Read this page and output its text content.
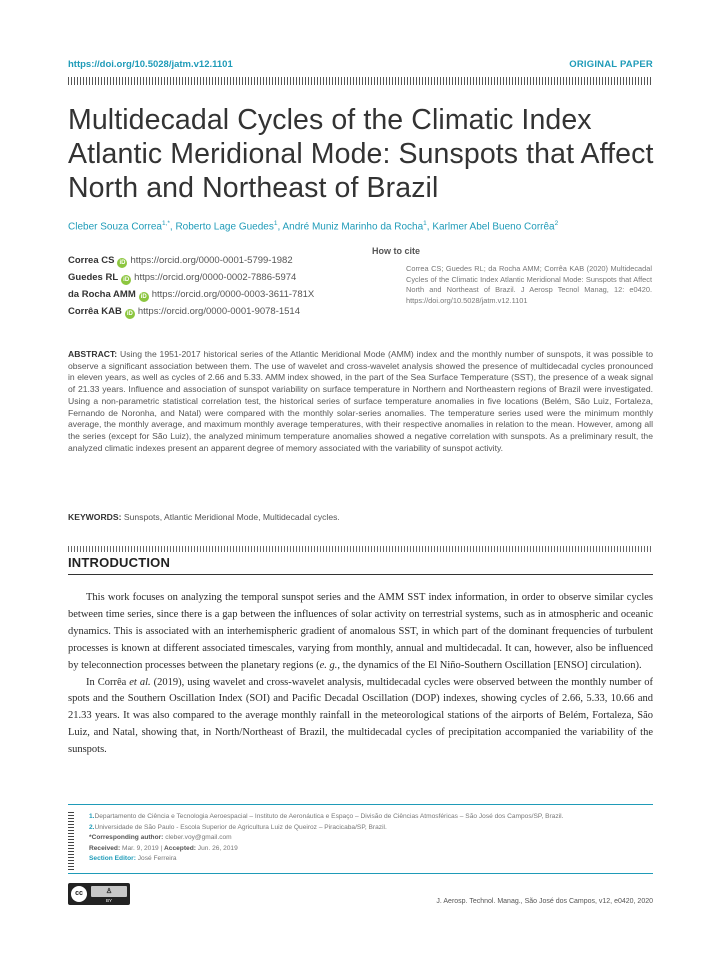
https://doi.org/10.5028/jatm.v12.1101	ORIGINAL PAPER
Multidecadal Cycles of the Climatic Index Atlantic Meridional Mode: Sunspots that Affect North and Northeast of Brazil
Cleber Souza Correa$^{1,*}$, Roberto Lage Guedes$^1$, André Muniz Marinho da Rocha$^1$, Karlmer Abel Bueno Corrêa$^2$
Correa CS iD https://orcid.org/0000-0001-5799-1982
Guedes RL iD https://orcid.org/0000-0002-7886-5974
da Rocha AMM iD https://orcid.org/0000-0003-3611-781X
Corrêa KAB iD https://orcid.org/0000-0001-9078-1514
How to cite
Correa CS; Guedes RL; da Rocha AMM; Corrêa KAB (2020) Multidecadal Cycles of the Climatic Index Atlantic Meridional Mode: Sunspots that Affect North and Northeast of Brazil. J Aerosp Tecnol Manag, 12: e0420. https://doi.org/10.5028/jatm.v12.1101
ABSTRACT: Using the 1951-2017 historical series of the Atlantic Meridional Mode (AMM) index and the monthly number of sunspots, it was possible to observe a significant association between them. The use of wavelet and cross-wavelet analysis showed the presence of multidecadal cycles pronounced in eleven years, as well as cycles of 2.66 and 5.33. AMM index showed, in the part of the Sea Surface Temperature (SST), the presence of a weak signal of 21.33 years. Influence and association of sunspot variability on surface temperature in Northern and Northeastern regions of Brazil were investigated. Using a non-parametric statistical correlation test, the historical series of surface temperature anomalies in five locations (Belém, São Luiz, Fortaleza, Fernando de Noronha, and Natal) were compared with the monthly solar-series anomalies. The temperature series used were the minimum monthly average, the monthly average, and maximum monthly average temperatures, with their respective anomalies in relation to the mean. However, among all the series (except for São Luiz), the analyzed minimum temperature anomalies showed a negative correlation with sunspots. As a preliminary result, the analyzed climatic indexes present an apparent degree of memory associated with the variability of sunspot activity.
KEYWORDS: Sunspots, Atlantic Meridional Mode, Multidecadal cycles.
INTRODUCTION

This work focuses on analyzing the temporal sunspot series and the AMM SST index information, in order to observe similar cycles between time series, since there is a gap between the influences of solar activity on terrestrial systems, such as in atmospheric and oceanic dynamics. This is associated with an interhemispheric gradient of anomalous SST, in which part of the dominant frequencies of turbulent processes is known at different associated timescales, varying from monthly, annual and multidecadal. It can, however, also be influenced by teleconnection processes between the planetary regions (e. g., the dynamics of the El Niño-Southern Oscillation [ENSO] circulation).

In Corrêa et al. (2019), using wavelet and cross-wavelet analysis, multidecadal cycles were observed between the monthly number of spots and the Southern Oscillation Index (SOI) and Pacific Decadal Oscillation (DOP) indexes, showing cycles of 2.66, 5.33, 10.66 and 21.33 years. It was also compared to the average monthly rainfall in the meteorological stations of the airports of Belém, Fortaleza, São Luiz, and Natal, showing that, in North/Northeast of Brazil, the multidecadal cycles of precipitation accompanied the variability of the sunspots.

1.Departamento de Ciência e Tecnologia Aeroespacial – Instituto de Aeronáutica e Espaço – Divisão de Ciências Atmosféricas – São José dos Campos/SP, Brazil.
2.Universidade de São Paulo - Escola Superior de Agricultura Luiz de Queiroz – Piracicaba/SP, Brazil.
*Corresponding author: cleber.voy@gmail.com
Received: Mar. 9, 2019 | Accepted: Jun. 26, 2019
Section Editor: José Ferreira
cc	♙
BY	J. Aerosp. Technol. Manag., São José dos Campos, v12, e0420, 2020
